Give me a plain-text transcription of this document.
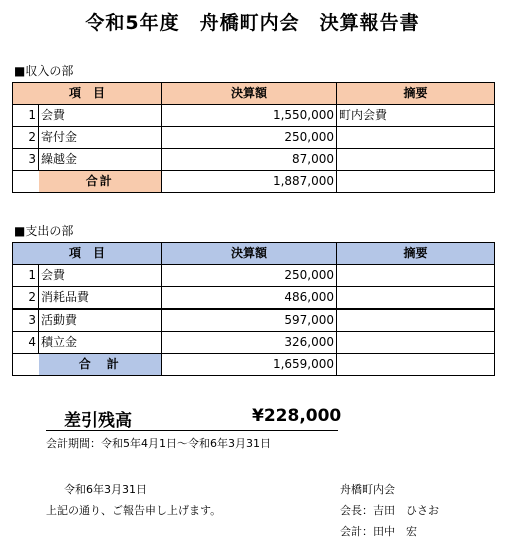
令和5年度　舟橋町内会　決算報告書
■収入の部
項　目		決算額	摘要
1	会費	1,550,000	町内会費
2	寄付金	250,000	
3	繰越金	87,000	
	合計	1,887,000	
■支出の部
項　目		決算額	摘要
1	会費	250,000	
2	消耗品費	486,000	
3	活動費	597,000	
4	積立金	326,000	
	合　計	1,659,000	
差引残高	¥228,000
会計期間：令和5年4月1日～令和6年3月31日
令和6年3月31日
上記の通り、ご報告申し上げます。
舟橋町内会
会長：吉田　ひさお
会計：田中　宏
